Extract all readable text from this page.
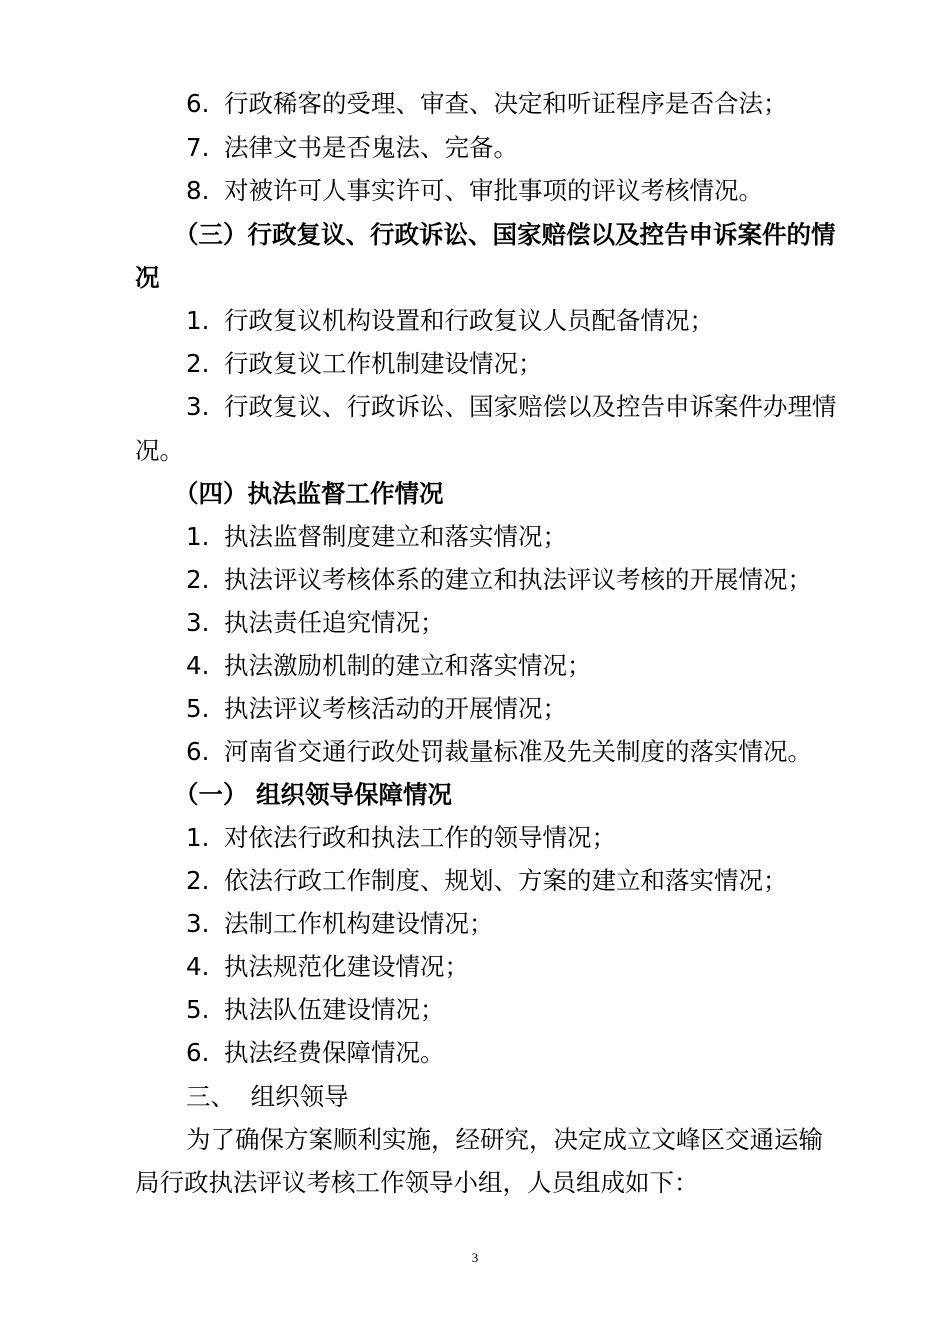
6. 行政稀客的受理、审查、决定和听证程序是否合法；
7. 法律文书是否鬼法、完备。
8. 对被许可人事实许可、审批事项的评议考核情况。
（三）行政复议、行政诉讼、国家赔偿以及控告申诉案件的情
况
1. 行政复议机构设置和行政复议人员配备情况；
2. 行政复议工作机制建设情况；
3. 行政复议、行政诉讼、国家赔偿以及控告申诉案件办理情
况。
（四）执法监督工作情况
1. 执法监督制度建立和落实情况；
2. 执法评议考核体系的建立和执法评议考核的开展情况；
3. 执法责任追究情况；
4. 执法激励机制的建立和落实情况；
5. 执法评议考核活动的开展情况；
6. 河南省交通行政处罚裁量标准及先关制度的落实情况。
（一） 组织领导保障情况
1. 对依法行政和执法工作的领导情况；
2. 依法行政工作制度、规划、方案的建立和落实情况；
3. 法制工作机构建设情况；
4. 执法规范化建设情况；
5. 执法队伍建设情况；
6. 执法经费保障情况。
三、  组织领导
为了确保方案顺利实施，经研究，决定成立文峰区交通运输
局行政执法评议考核工作领导小组，人员组成如下：
3
